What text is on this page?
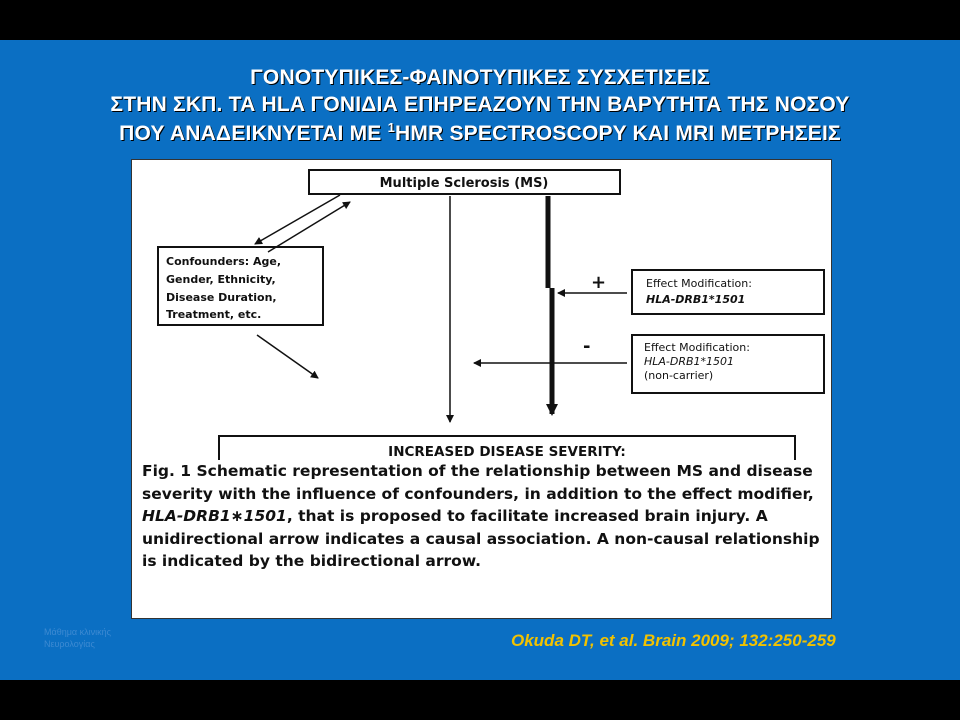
ΓΟΝΟΤΥΠΙΚΕΣ-ΦΑΙΝΟΤΥΠΙΚΕΣ ΣΥΣΧΕΤΙΣΕΙΣ
ΣΤΗΝ ΣΚΠ. ΤΑ HLA ΓΟΝΙΔΙΑ ΕΠΗΡΕΑΖΟΥΝ ΤΗΝ ΒΑΡΥΤΗΤΑ ΤΗΣ ΝΟΣΟΥ
ΠΟΥ ΑΝΑΔΕΙΚΝΥΕΤΑΙ ΜΕ $^1$HMR SPECTROSCOPY KAI MRI ΜΕΤΡΗΣΕΙΣ
Multiple Sclerosis (MS)
Confounders: Age, Gender, Ethnicity, Disease Duration, Treatment, etc.
+
-
Effect Modification: HLA-DRB1*1501
Effect Modification: HLA-DRB1*1501 (non-carrier)
INCREASED DISEASE SEVERITY:
Fig. 1 Schematic representation of the relationship between MS and disease severity with the influence of confounders, in addition to the effect modifier, HLA-DRB1∗1501, that is proposed to facilitate increased brain injury. A unidirectional arrow indicates a causal association. A non-causal relationship is indicated by the bidirectional arrow.
Μάθημα κλινικής
Νευρολογίας	Okuda DT, et al. Brain 2009; 132:250-259
